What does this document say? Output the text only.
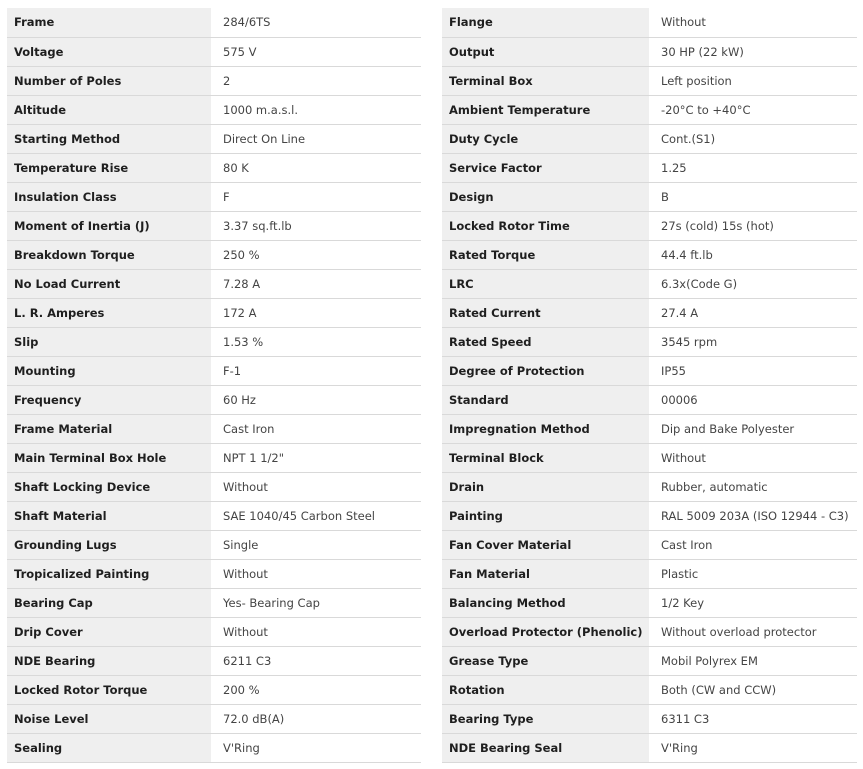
Frame	284/6TS
Voltage	575 V
Number of Poles	2
Altitude	1000 m.a.s.l.
Starting Method	Direct On Line
Temperature Rise	80 K
Insulation Class	F
Moment of Inertia (J)	3.37 sq.ft.lb
Breakdown Torque	250 %
No Load Current	7.28 A
L. R. Amperes	172 A
Slip	1.53 %
Mounting	F-1
Frequency	60 Hz
Frame Material	Cast Iron
Main Terminal Box Hole	NPT 1 1/2"
Shaft Locking Device	Without
Shaft Material	SAE 1040/45 Carbon Steel
Grounding Lugs	Single
Tropicalized Painting	Without
Bearing Cap	Yes- Bearing Cap
Drip Cover	Without
NDE Bearing	6211 C3
Locked Rotor Torque	200 %
Noise Level	72.0 dB(A)
Sealing	V'Ring
Flange	Without
Output	30 HP (22 kW)
Terminal Box	Left position
Ambient Temperature	-20°C to +40°C
Duty Cycle	Cont.(S1)
Service Factor	1.25
Design	B
Locked Rotor Time	27s (cold) 15s (hot)
Rated Torque	44.4 ft.lb
LRC	6.3x(Code G)
Rated Current	27.4 A
Rated Speed	3545 rpm
Degree of Protection	IP55
Standard	00006
Impregnation Method	Dip and Bake Polyester
Terminal Block	Without
Drain	Rubber, automatic
Painting	RAL 5009 203A (ISO 12944 - C3)
Fan Cover Material	Cast Iron
Fan Material	Plastic
Balancing Method	1/2 Key
Overload Protector (Phenolic)	Without overload protector
Grease Type	Mobil Polyrex EM
Rotation	Both (CW and CCW)
Bearing Type	6311 C3
NDE Bearing Seal	V'Ring
